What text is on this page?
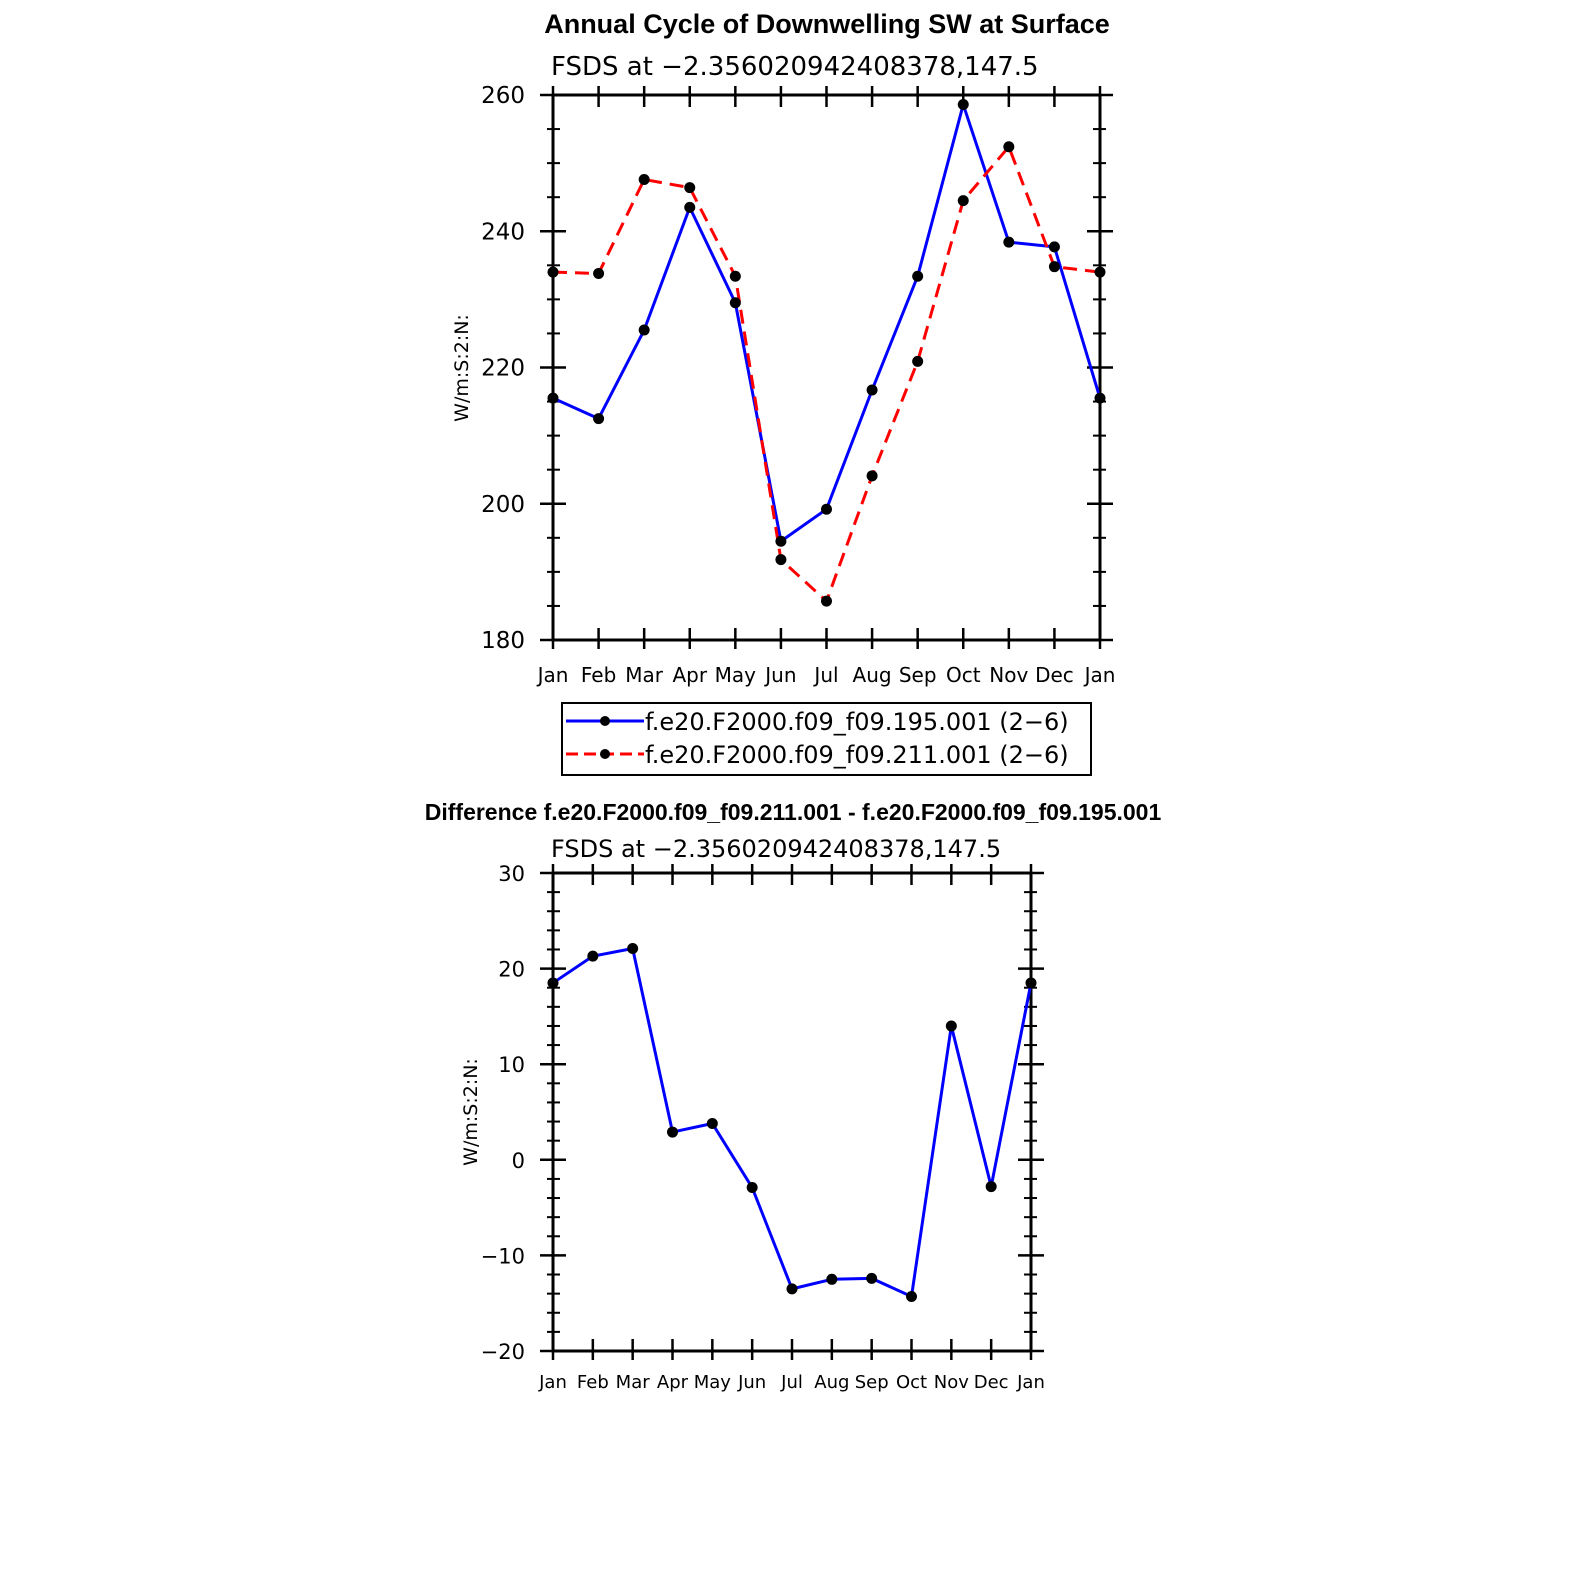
Annual Cycle of Downwelling SW at Surface
FSDS at −2.356020942408378,147.5
W/m:S:2:N:
Jan Feb Mar Apr May Jun Jul Aug Sep Oct Nov Dec Jan
180
200
220
240
260
f.e20.F2000.f09_f09.195.001 (2−6)
f.e20.F2000.f09_f09.211.001 (2−6)
Difference f.e20.F2000.f09_f09.211.001 - f.e20.F2000.f09_f09.195.001
FSDS at −2.356020942408378,147.5
W/m:S:2:N:
Jan Feb Mar Apr May Jun Jul Aug Sep Oct Nov Dec Jan
−20
−10
0
10
20
30
